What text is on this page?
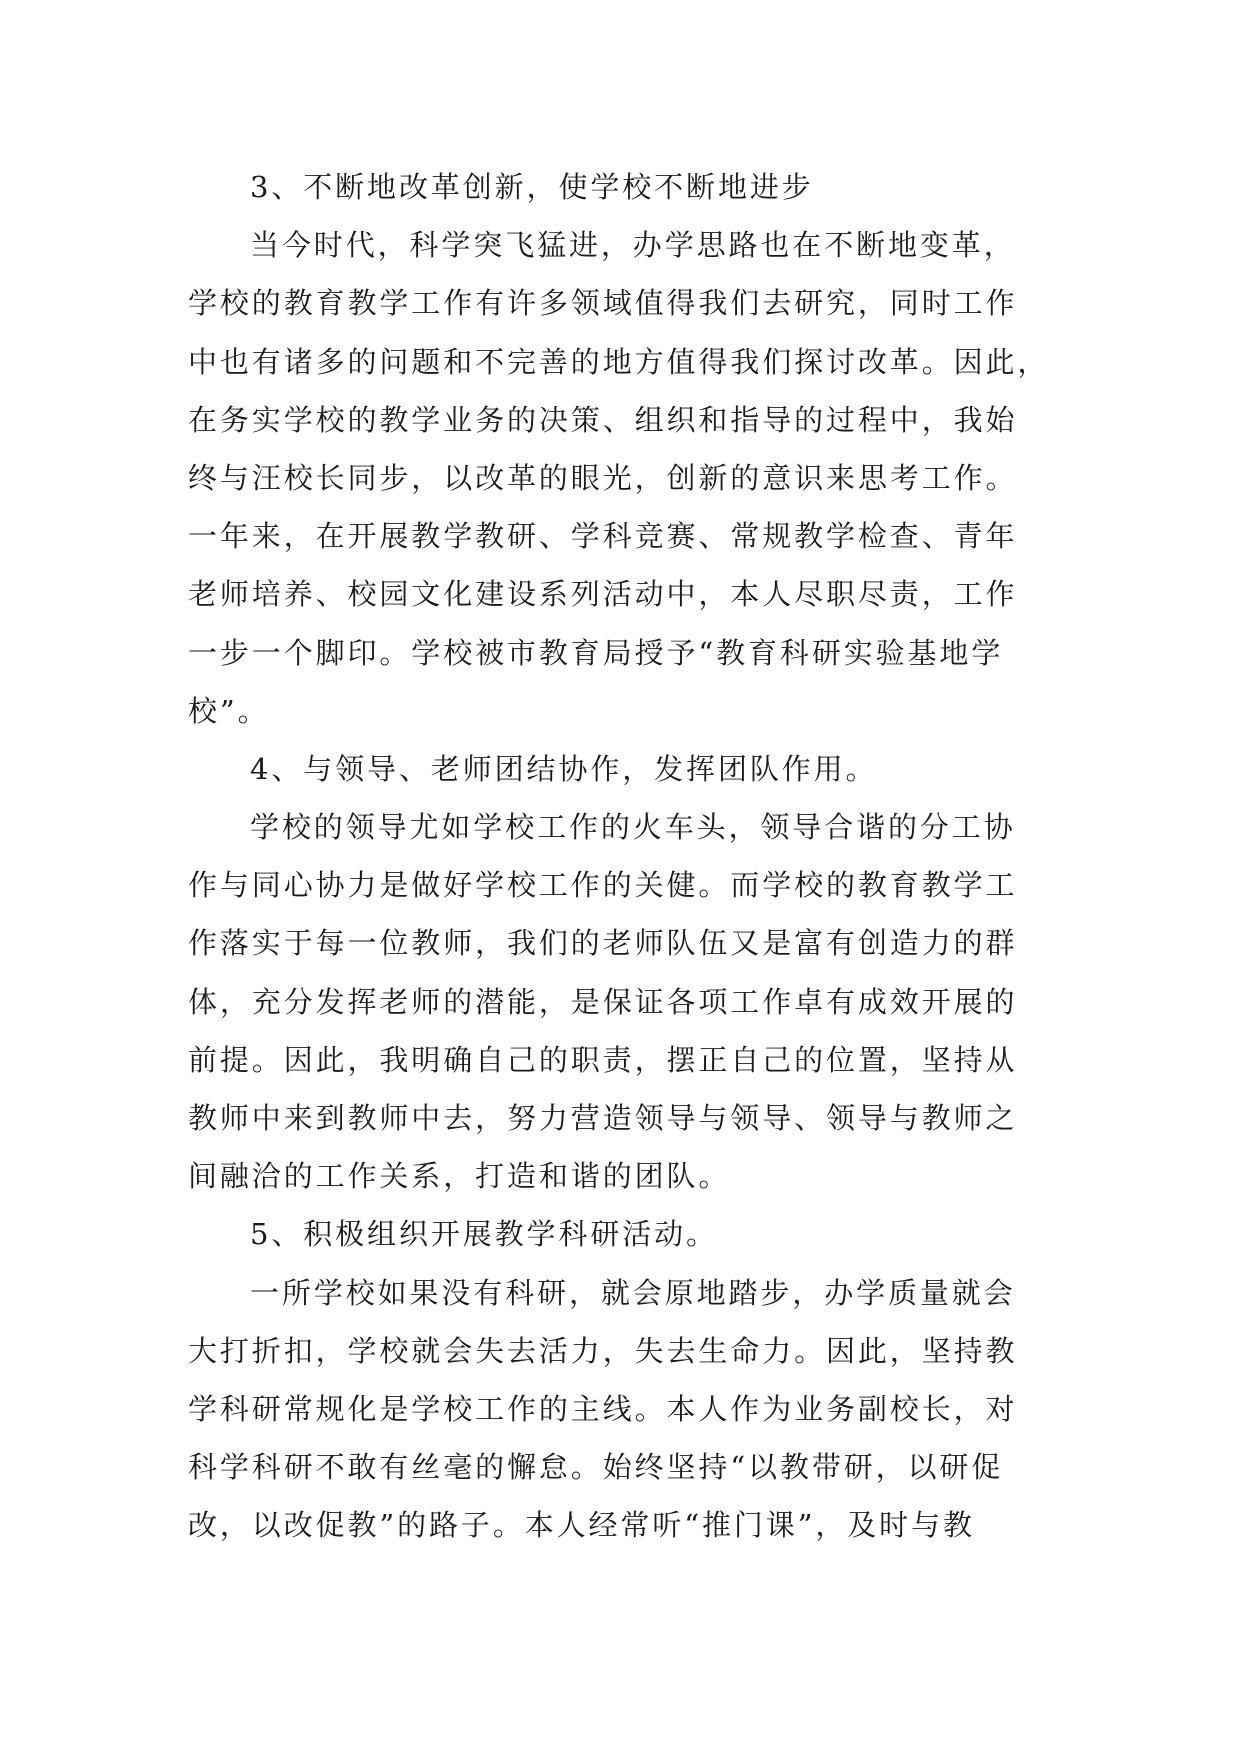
3、不断地改革创新，使学校不断地进步
当今时代，科学突飞猛进，办学思路也在不断地变革，
学校的教育教学工作有许多领域值得我们去研究，同时工作
中也有诸多的问题和不完善的地方值得我们探讨改革。因此，
在务实学校的教学业务的决策、组织和指导的过程中，我始
终与汪校长同步，以改革的眼光，创新的意识来思考工作。
一年来，在开展教学教研、学科竞赛、常规教学检查、青年
老师培养、校园文化建设系列活动中，本人尽职尽责，工作
一步一个脚印。学校被市教育局授予“教育科研实验基地学
校”。
4、与领导、老师团结协作，发挥团队作用。
学校的领导尤如学校工作的火车头，领导合谐的分工协
作与同心协力是做好学校工作的关健。而学校的教育教学工
作落实于每一位教师，我们的老师队伍又是富有创造力的群
体，充分发挥老师的潜能，是保证各项工作卓有成效开展的
前提。因此，我明确自己的职责，摆正自己的位置，坚持从
教师中来到教师中去，努力营造领导与领导、领导与教师之
间融洽的工作关系，打造和谐的团队。
5、积极组织开展教学科研活动。
一所学校如果没有科研，就会原地踏步，办学质量就会
大打折扣，学校就会失去活力，失去生命力。因此，坚持教
学科研常规化是学校工作的主线。本人作为业务副校长，对
科学科研不敢有丝毫的懈怠。始终坚持“以教带研，以研促
改，以改促教”的路子。本人经常听“推门课”，及时与教
